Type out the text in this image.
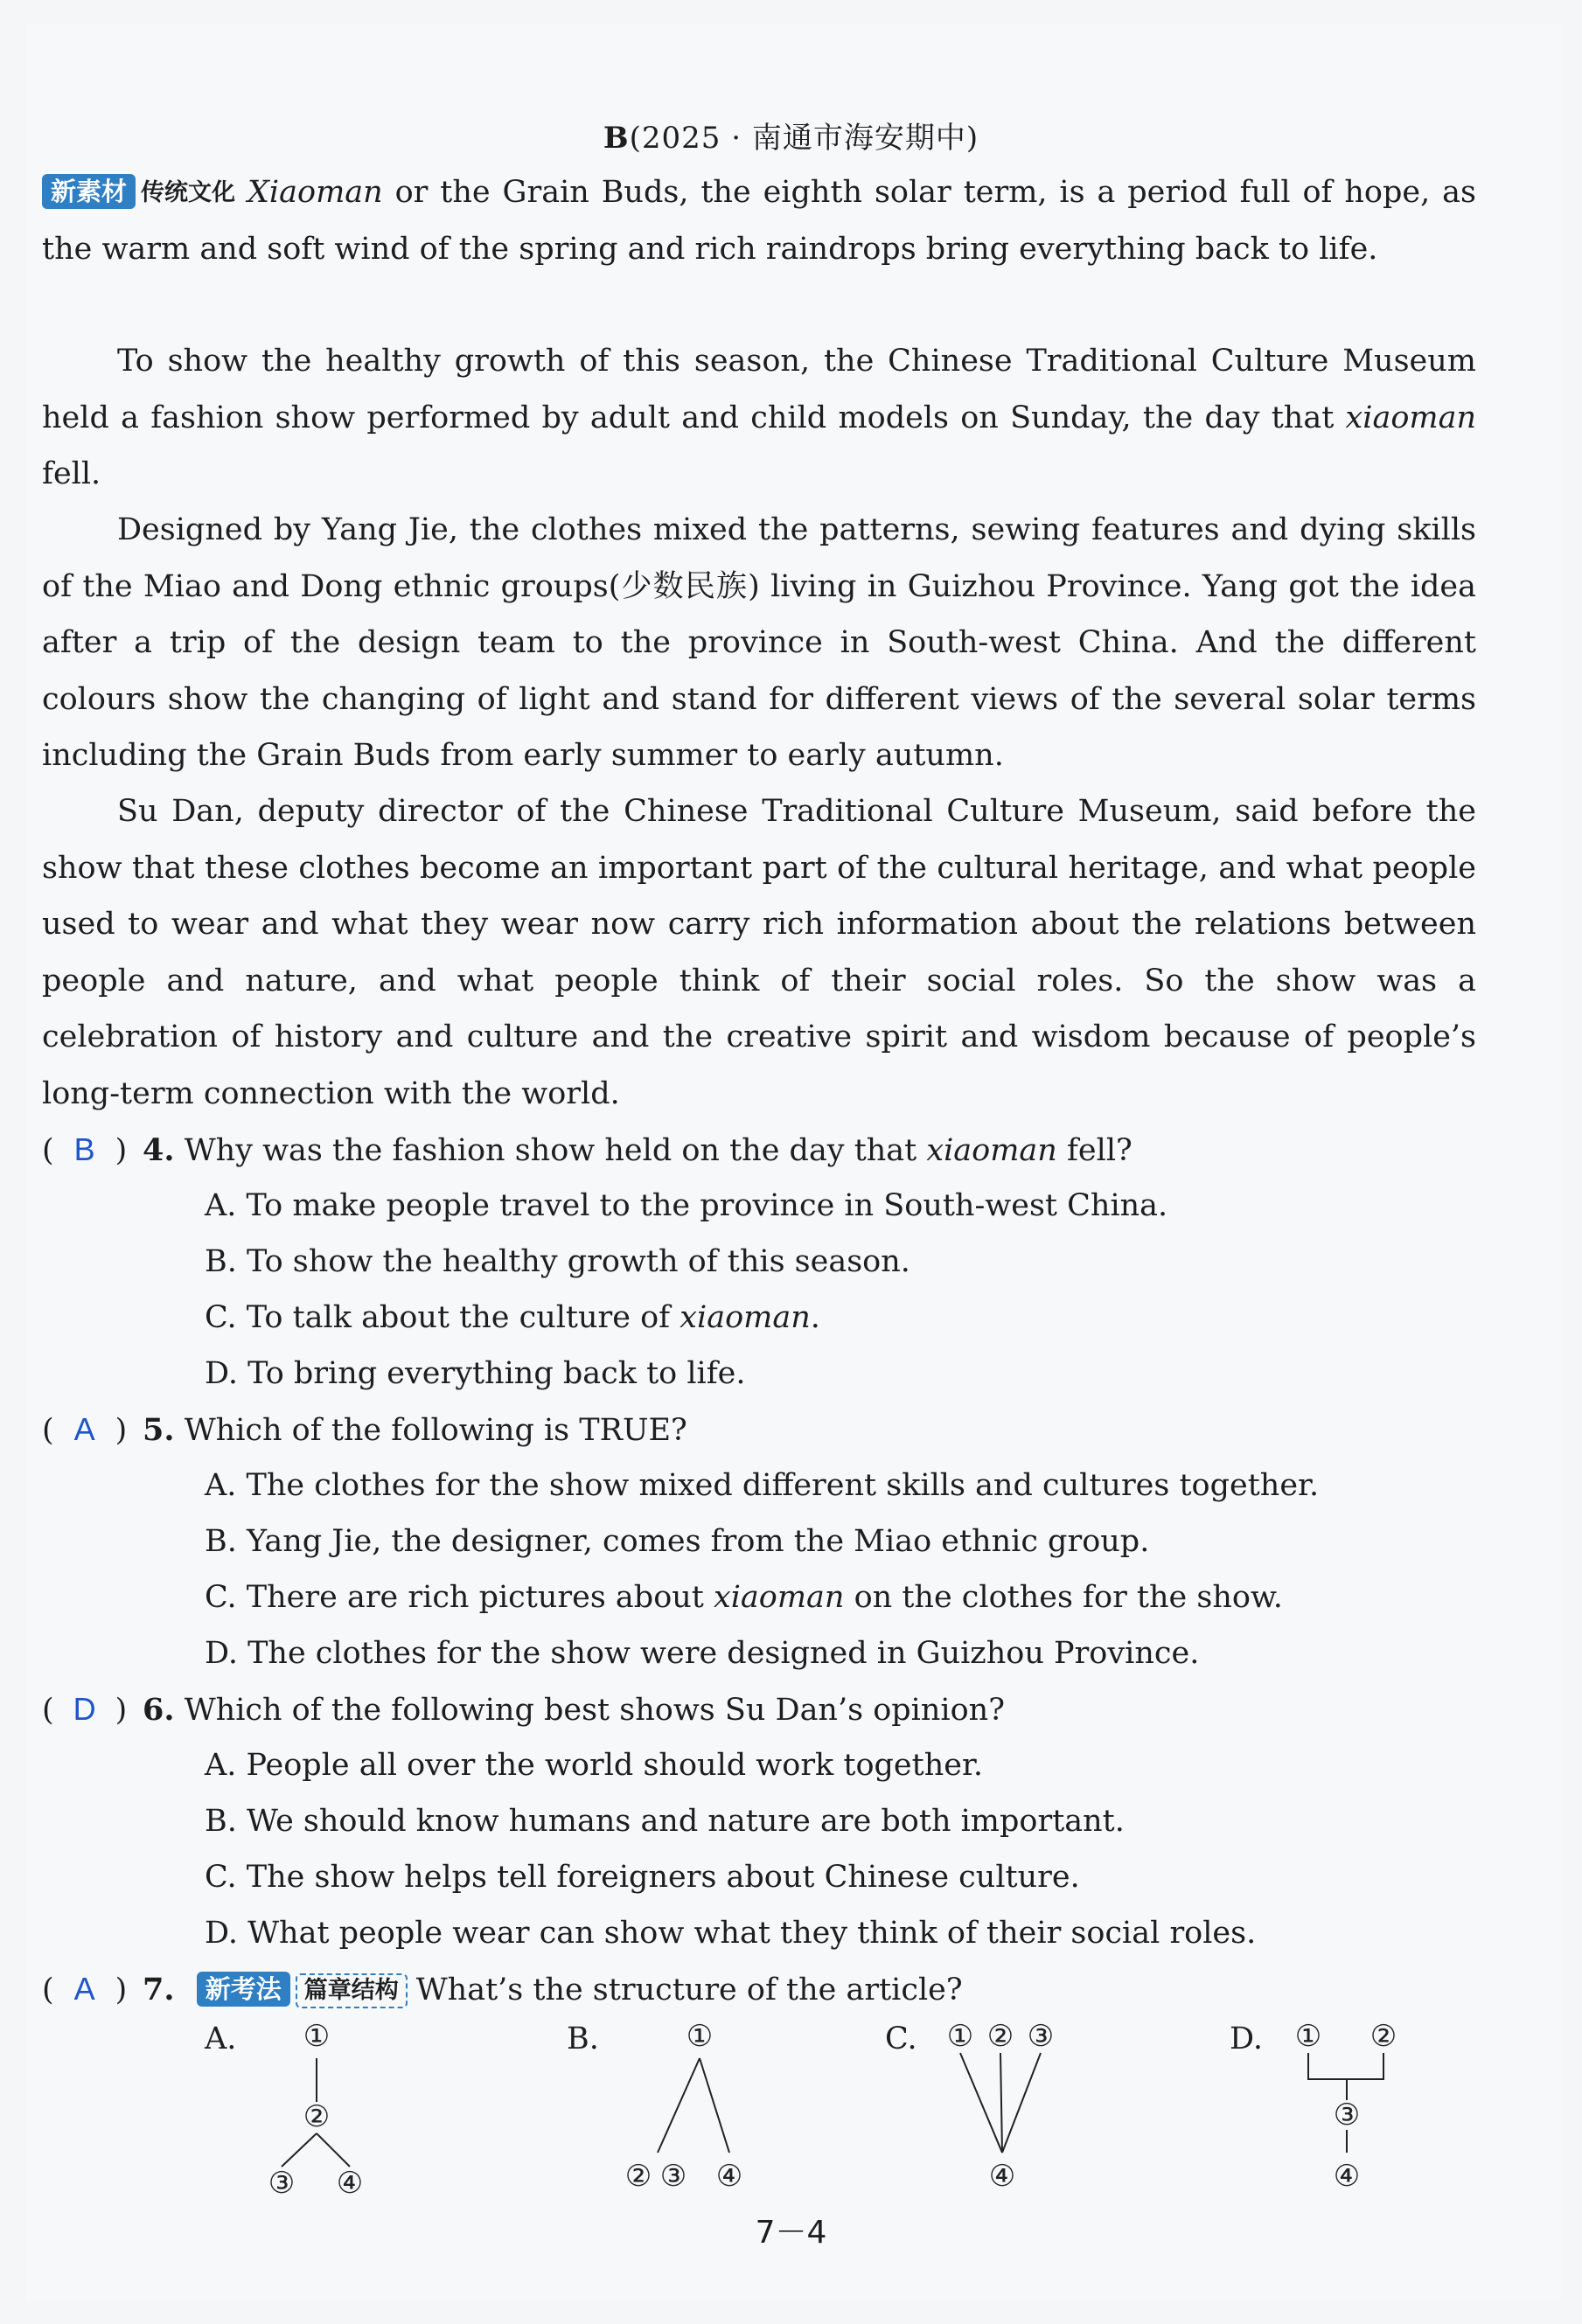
B(2025 · 南通市海安期中)
新素材 传统文化 Xiaoman or the Grain Buds, the eighth solar term, is a period full of hope, as the warm and soft wind of the spring and rich raindrops bring everything back to life.
To show the healthy growth of this season, the Chinese Traditional Culture Museum held a fashion show performed by adult and child models on Sunday, the day that xiaoman fell.
Designed by Yang Jie, the clothes mixed the patterns, sewing features and dying skills of the Miao and Dong ethnic groups(少数民族) living in Guizhou Province. Yang got the idea after a trip of the design team to the province in South-west China. And the different colours show the changing of light and stand for different views of the several solar terms including the Grain Buds from early summer to early autumn.
Su Dan, deputy director of the Chinese Traditional Culture Museum, said before the show that these clothes become an important part of the cultural heritage, and what people used to wear and what they wear now carry rich information about the relations between people and nature, and what people think of their social roles. So the show was a celebration of history and culture and the creative spirit and wisdom because of people’s long-term connection with the world.
( B ) 4. Why was the fashion show held on the day that xiaoman fell?
A. To make people travel to the province in South-west China.
B. To show the healthy growth of this season.
C. To talk about the culture of xiaoman.
D. To bring everything back to life.
( A ) 5. Which of the following is TRUE?
A. The clothes for the show mixed different skills and cultures together.
B. Yang Jie, the designer, comes from the Miao ethnic group.
C. There are rich pictures about xiaoman on the clothes for the show.
D. The clothes for the show were designed in Guizhou Province.
( D ) 6. Which of the following best shows Su Dan’s opinion?
A. People all over the world should work together.
B. We should know humans and nature are both important.
C. The show helps tell foreigners about Chinese culture.
D. What people wear can show what they think of their social roles.
( A ) 7. 新考法 篇章结构 What’s the structure of the article?
A.	B.	C.	D.
①
②
③ ④
①
② ③ ④
① ② ③
④
① ②
③
④
7－4
